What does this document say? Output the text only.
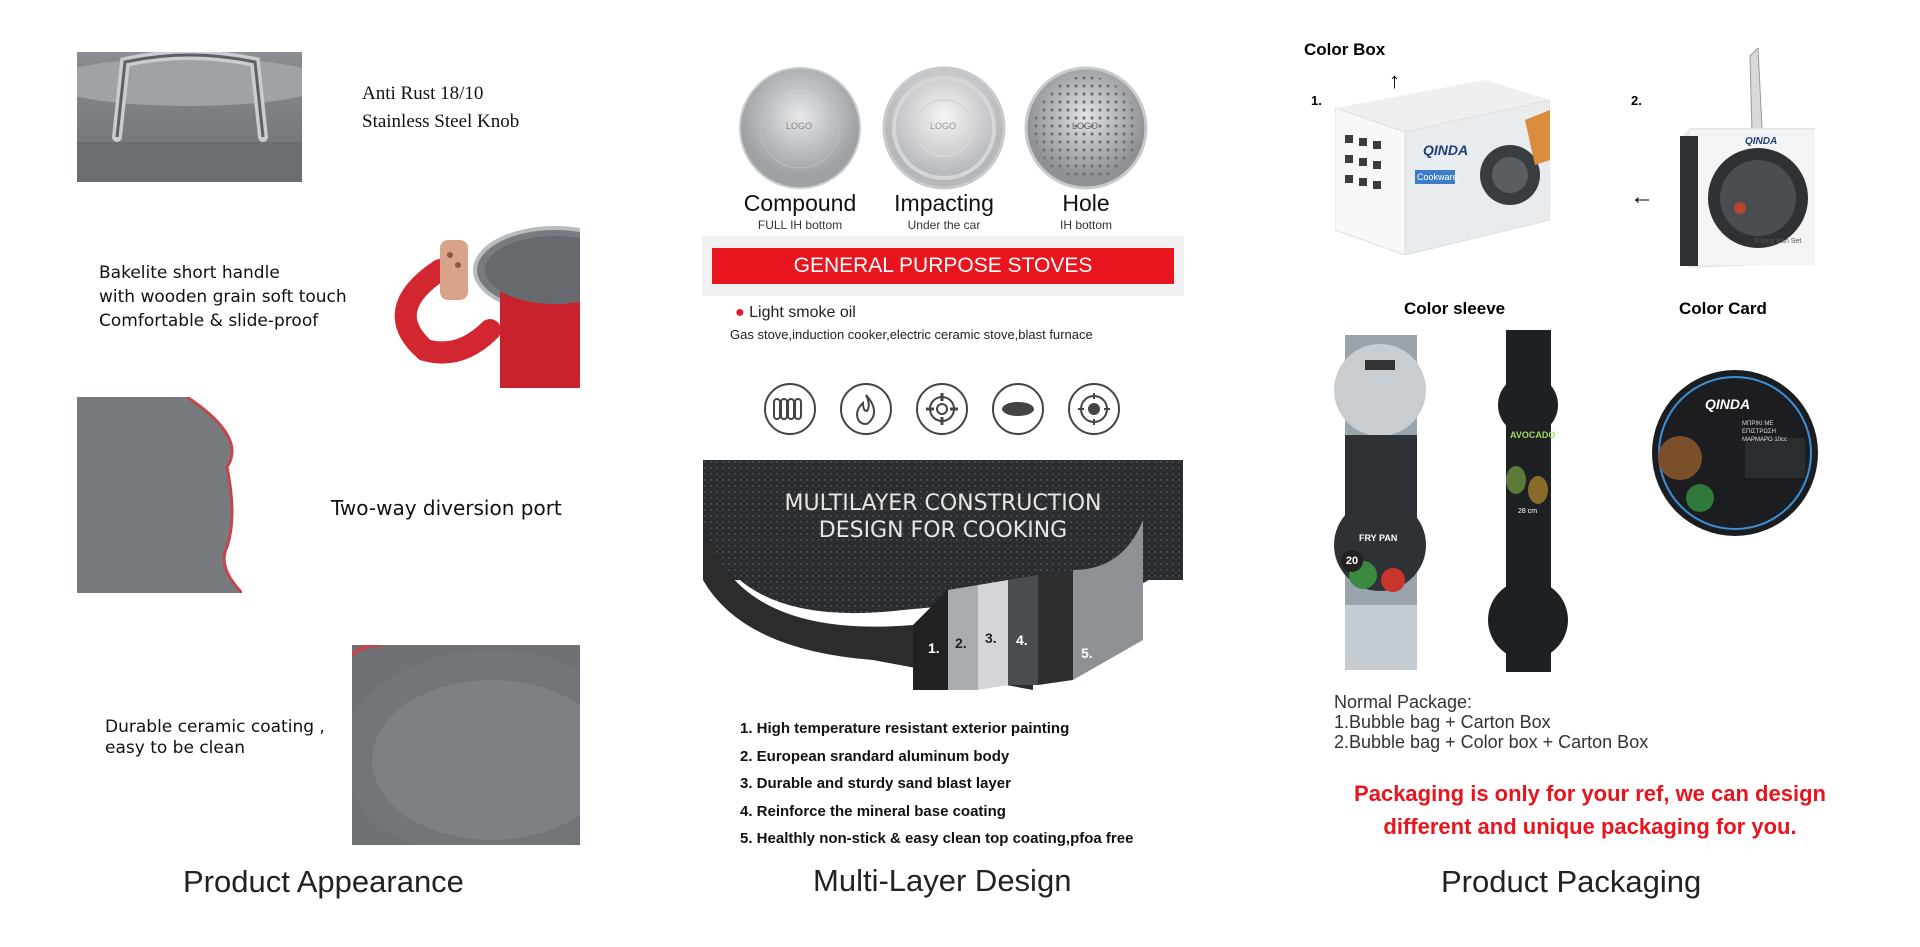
Anti Rust 18/10
Stainless Steel Knob
Bakelite short handle
with wooden grain soft touch
Comfortable & slide-proof
Two-way diversion port
Durable ceramic coating ,
easy to be clean
Product Appearance
LOGO	LOGO	LOGO
Compound	Impacting	Hole
FULL IH bottom	Under the car	IH bottom
GENERAL PURPOSE STOVES
● Light smoke oil
Gas stove,induction cooker,electric ceramic stove,blast furnace
MULTILAYER CONSTRUCTION
DESIGN FOR COOKING
1. 2. 3. 4.
5.
1. High temperature resistant exterior painting
2. European srandard aluminum body
3. Durable and sturdy sand blast layer
4. Reinforce the mineral base coating
5. Healthly non-stick & easy clean top coating,pfoa free
Multi-Layer Design
Color Box
1.
↑
QINDA
Cookware
2.
←
QINDA
Frying Pan Set
Color sleeve	Color Card
FRY PAN
20
AVOCADO
28 cm
QINDA
ΜΠΡΙΚΙ ΜΕ ΕΠΙΣΤΡΩΣΗ ΜΑΡΜΑΡΟ 10cc
Normal Package:
1.Bubble bag + Carton Box
2.Bubble bag + Color box + Carton Box
Packaging is only for your ref, we can design
different and unique packaging for you.
Product Packaging
